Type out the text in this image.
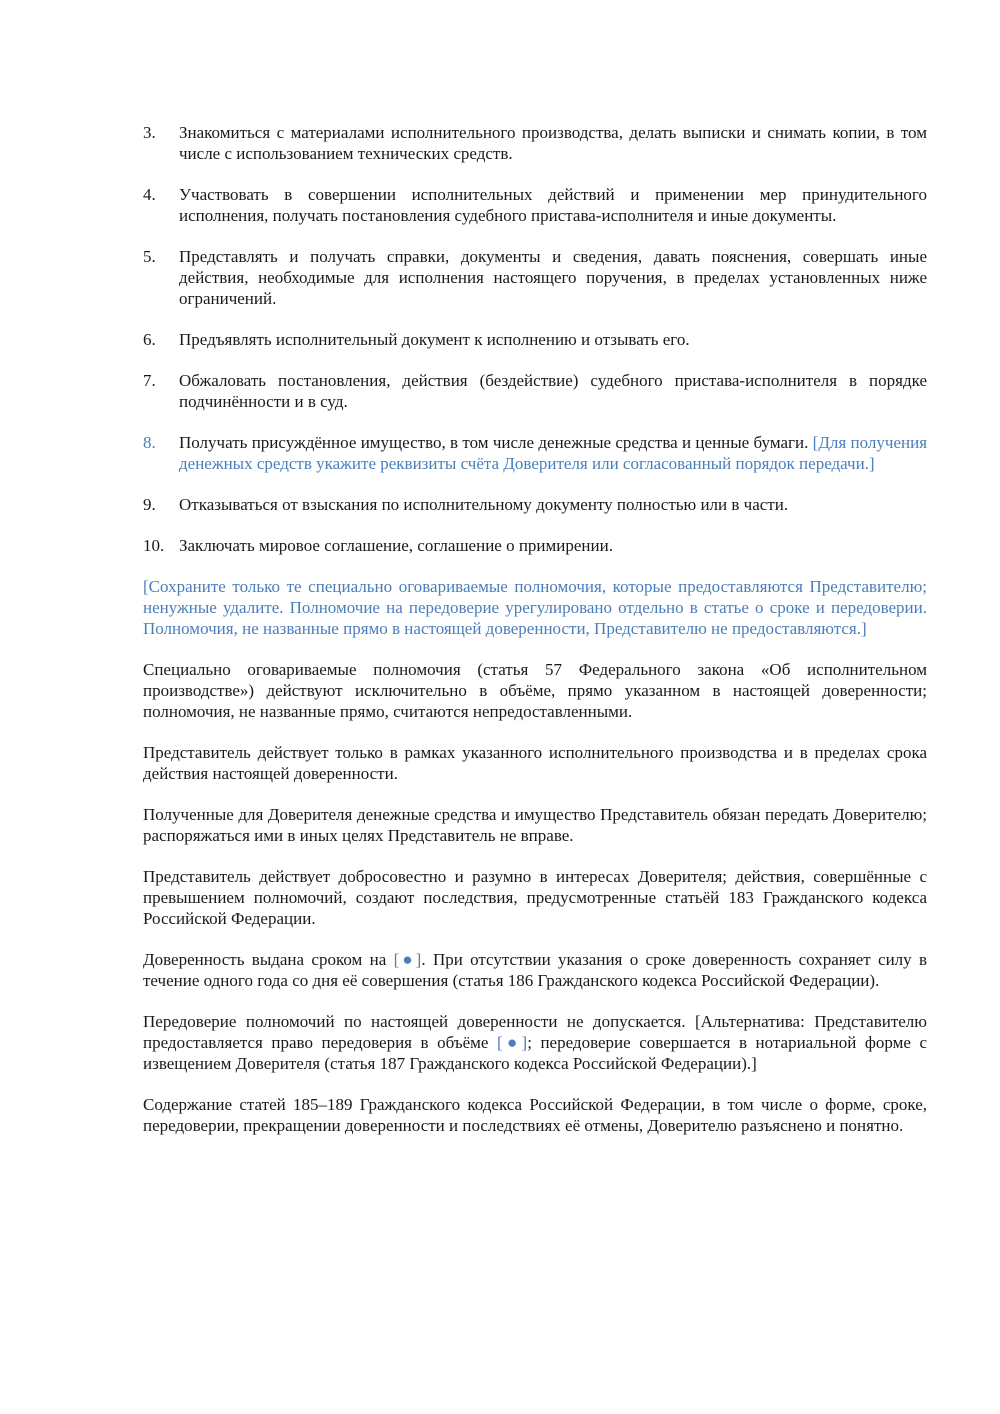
3.	Знакомиться с материалами исполнительного производства, делать выписки и снимать копии, в том числе с использованием технических средств.
4.	Участвовать в совершении исполнительных действий и применении мер принудительного исполнения, получать постановления судебного пристава-исполнителя и иные документы.
5.	Представлять и получать справки, документы и сведения, давать пояснения, совершать иные действия, необходимые для исполнения настоящего поручения, в пределах установленных ниже ограничений.
6.	Предъявлять исполнительный документ к исполнению и отзывать его.
7.	Обжаловать постановления, действия (бездействие) судебного пристава-исполнителя в порядке подчинённости и в суд.
8.	Получать присуждённое имущество, в том числе денежные средства и ценные бумаги. [Для получения денежных средств укажите реквизиты счёта Доверителя или согласованный порядок передачи.]
9.	Отказываться от взыскания по исполнительному документу полностью или в части.
10. Заключать мировое соглашение, соглашение о примирении.

[Сохраните только те специально оговариваемые полномочия, которые предоставляются Представителю; ненужные удалите. Полномочие на передоверие урегулировано отдельно в статье о сроке и передоверии. Полномочия, не названные прямо в настоящей доверенности, Представителю не предоставляются.]

Специально оговариваемые полномочия (статья 57 Федерального закона «Об исполнительном производстве») действуют исключительно в объёме, прямо указанном в настоящей доверенности; полномочия, не названные прямо, считаются непредоставленными.

Представитель действует только в рамках указанного исполнительного производства и в пределах срока действия настоящей доверенности.

Полученные для Доверителя денежные средства и имущество Представитель обязан передать Доверителю; распоряжаться ими в иных целях Представитель не вправе.

Представитель действует добросовестно и разумно в интересах Доверителя; действия, совершённые с превышением полномочий, создают последствия, предусмотренные статьёй 183 Гражданского кодекса Российской Федерации.

Доверенность выдана сроком на [●]. При отсутствии указания о сроке доверенность сохраняет силу в течение одного года со дня её совершения (статья 186 Гражданского кодекса Российской Федерации).

Передоверие полномочий по настоящей доверенности не допускается. [Альтернатива: Представителю предоставляется право передоверия в объёме [●]; передоверие совершается в нотариальной форме с извещением Доверителя (статья 187 Гражданского кодекса Российской Федерации).]

Содержание статей 185–189 Гражданского кодекса Российской Федерации, в том числе о форме, сроке, передоверии, прекращении доверенности и последствиях её отмены, Доверителю разъяснено и понятно.
